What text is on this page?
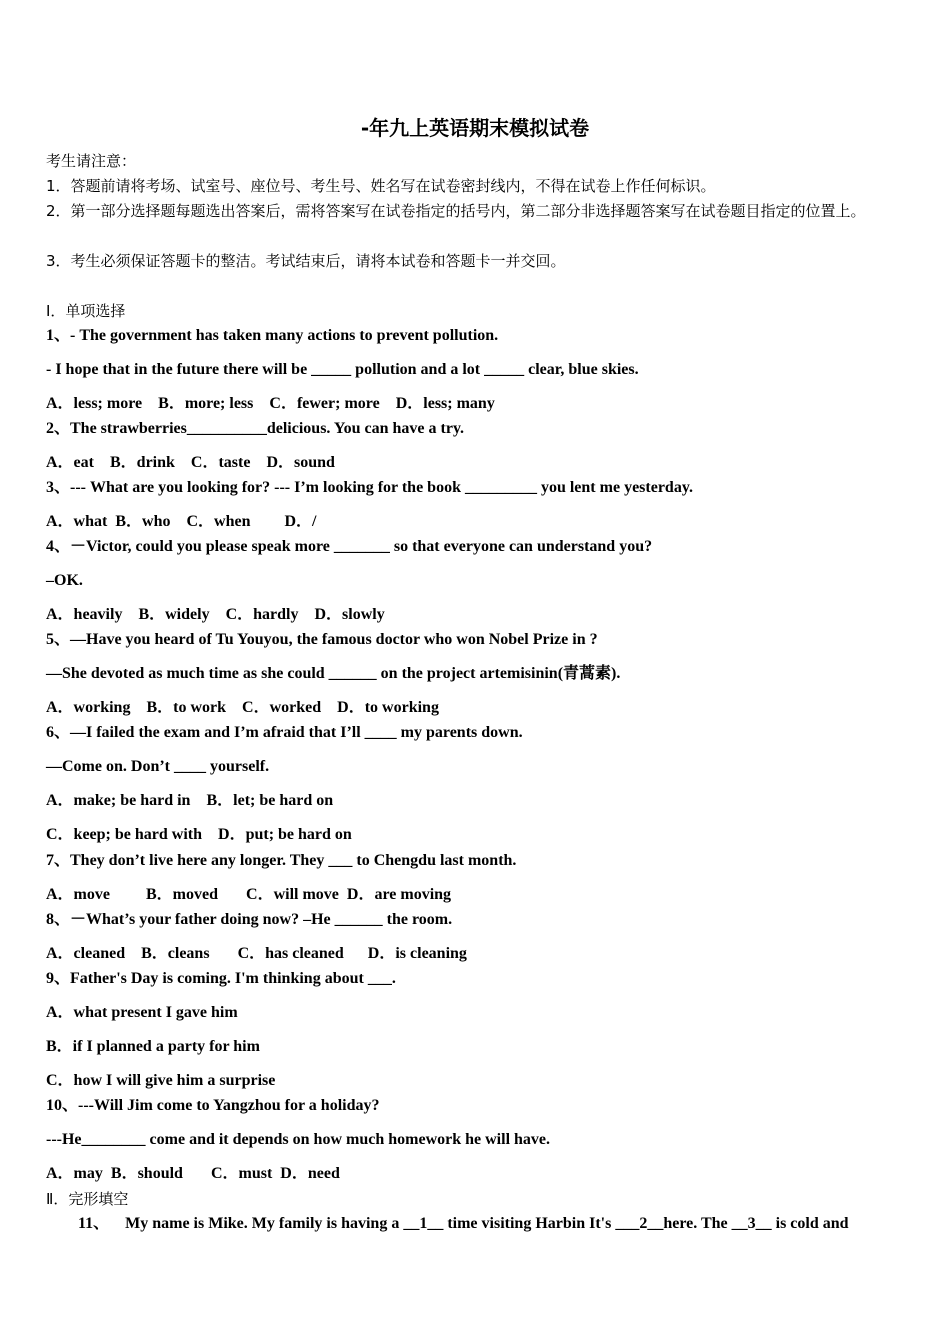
-年九上英语期末模拟试卷
考生请注意：
1．答题前请将考场、试室号、座位号、考生号、姓名写在试卷密封线内，不得在试卷上作任何标识。
2．第一部分选择题每题选出答案后，需将答案写在试卷指定的括号内，第二部分非选择题答案写在试卷题目指定的位置上。
3．考生必须保证答题卡的整洁。考试结束后，请将本试卷和答题卡一并交回。
Ⅰ．单项选择
1、- The government has taken many actions to prevent pollution.
- I hope that in the future there will be _____ pollution and a lot _____ clear, blue skies.
A．less; more B．more; less C．fewer; more D．less; many
2、The strawberries__________delicious. You can have a try.
A．eat B．drink C．taste D．sound
3、--- What are you looking for? --- I’m looking for the book _________ you lent me yesterday.
A．what B．who C．when D．/
4、－Victor, could you please speak more _______ so that everyone can understand you?
–OK.
A．heavily B．widely C．hardly D．slowly
5、—Have you heard of Tu Youyou, the famous doctor who won Nobel Prize in ?
—She devoted as much time as she could ______ on the project artemisinin(青蒿素).
A．working B．to work C．worked D．to working
6、—I failed the exam and I’m afraid that I’ll ____ my parents down.
—Come on. Don’t ____ yourself.
A．make; be hard in B．let; be hard on
C．keep; be hard with D．put; be hard on
7、They don’t live here any longer. They ___ to Chengdu last month.
A．move B．moved C．will move D．are moving
8、－What’s your father doing now? –He ______ the room.
A．cleaned B．cleans C．has cleaned D．is cleaning
9、Father's Day is coming. I'm thinking about ___.
A．what present I gave him
B．if I planned a party for him
C．how I will give him a surprise
10、---Will Jim come to Yangzhou for a holiday?
---He________ come and it depends on how much homework he will have.
A．may B．should C．must D．need
Ⅱ．完形填空
11、    My name is Mike. My family is having a __1__ time visiting Harbin It's ___2__here. The __3__ is cold and
